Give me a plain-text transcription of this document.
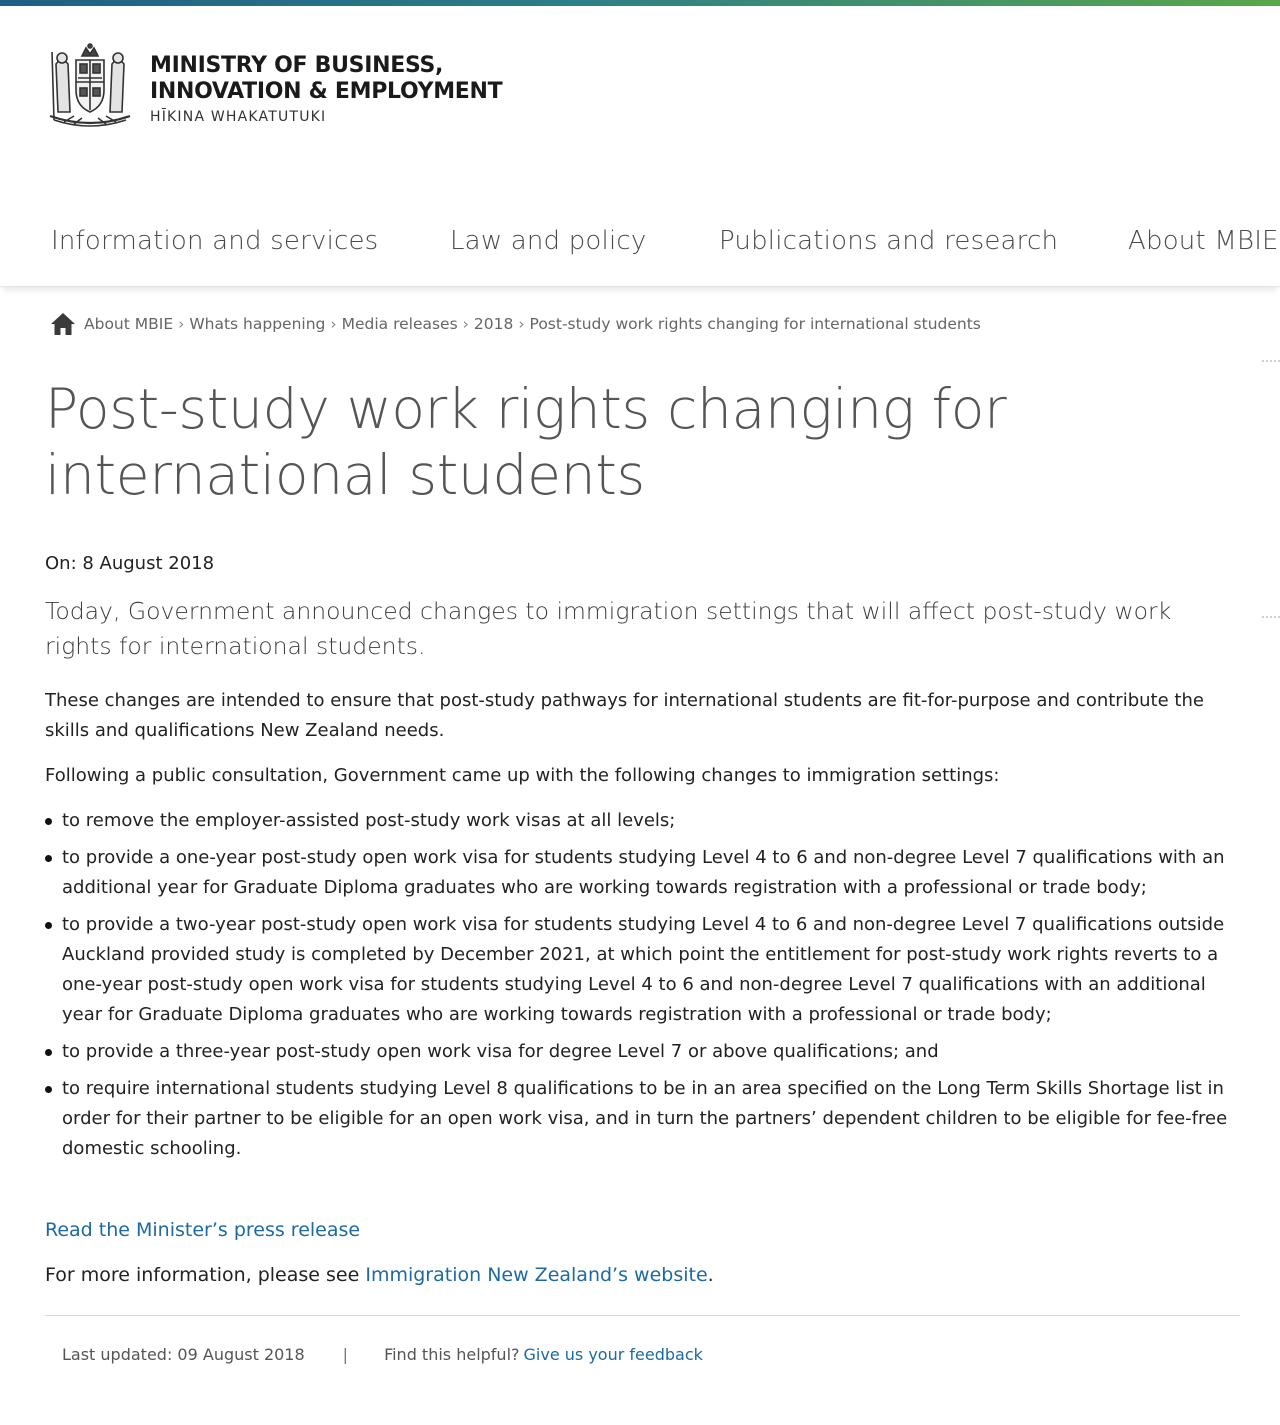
MINISTRY OF BUSINESS,
INNOVATION & EMPLOYMENT
HĪKINA WHAKATUTUKI
Information and services	Law and policy	Publications and research	About MBIE
About MBIE › Whats happening › Media releases › 2018 › Post-study work rights changing for international students
Post-study work rights changing for
international students
On: 8 August 2018
Today, Government announced changes to immigration settings that will affect post-study work rights for international students.
These changes are intended to ensure that post-study pathways for international students are fit-for-purpose and contribute the skills and qualifications New Zealand needs.
Following a public consultation, Government came up with the following changes to immigration settings:
to remove the employer-assisted post-study work visas at all levels;
to provide a one-year post-study open work visa for students studying Level 4 to 6 and non-degree Level 7 qualifications with an additional year for Graduate Diploma graduates who are working towards registration with a professional or trade body;
to provide a two-year post-study open work visa for students studying Level 4 to 6 and non-degree Level 7 qualifications outside Auckland provided study is completed by December 2021, at which point the entitlement for post-study work rights reverts to a one-year post-study open work visa for students studying Level 4 to 6 and non-degree Level 7 qualifications with an additional year for Graduate Diploma graduates who are working towards registration with a professional or trade body;
to provide a three-year post-study open work visa for degree Level 7 or above qualifications; and
to require international students studying Level 8 qualifications to be in an area specified on the Long Term Skills Shortage list in order for their partner to be eligible for an open work visa, and in turn the partners’ dependent children to be eligible for fee-free domestic schooling.
Read the Minister’s press release
For more information, please see Immigration New Zealand’s website.
Last updated: 09 August 2018 | Find this helpful? Give us your feedback
